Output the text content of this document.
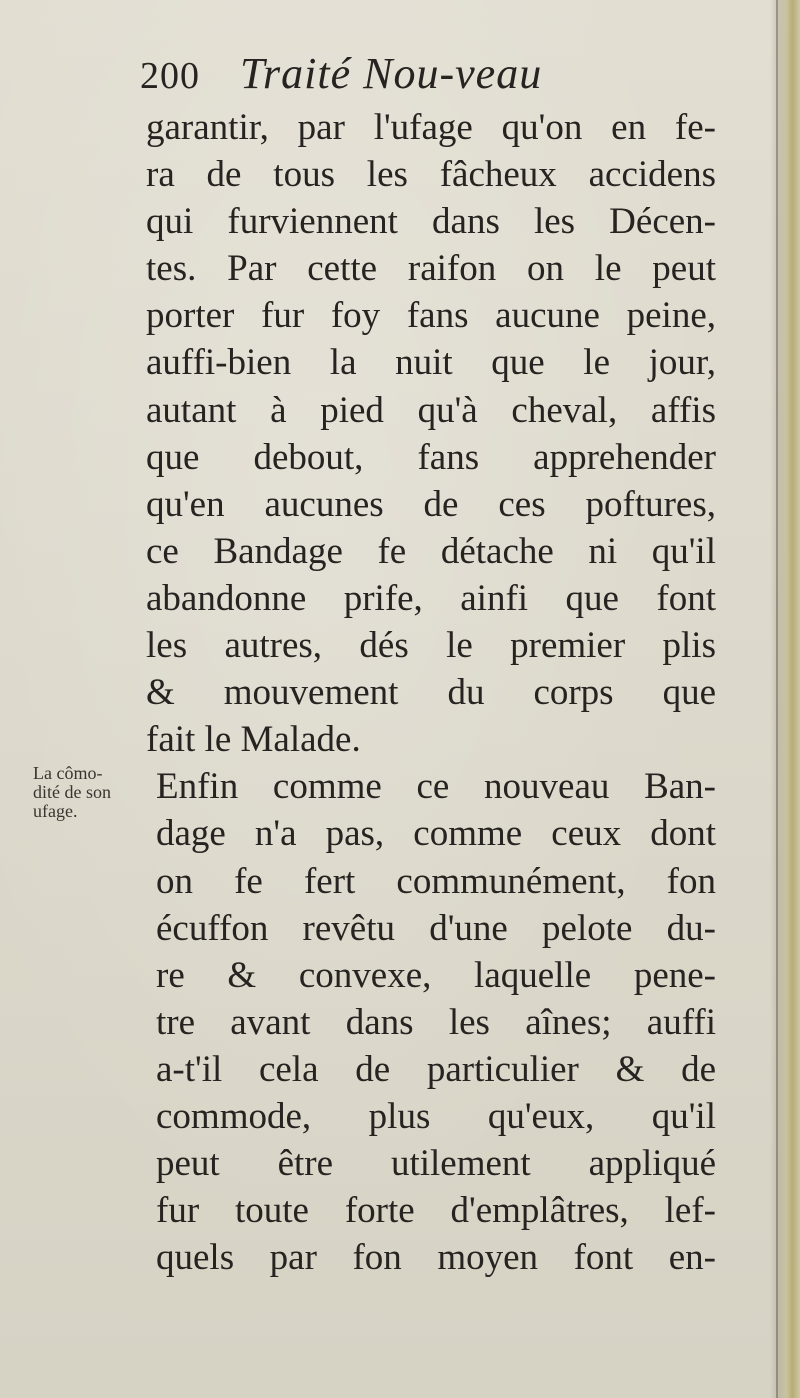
200 Traité Nou-veau
La cômo-
dité de son
ufage.
garantir, par l'ufage qu'on en fe-
ra de tous les fâcheux accidens
qui furviennent dans les Décen-
tes. Par cette raifon on le peut
porter fur foy fans aucune peine,
auffi-bien la nuit que le jour,
autant à pied qu'à cheval, affis
que debout, fans apprehender
qu'en aucunes de ces poftures,
ce Bandage fe détache ni qu'il
abandonne prife, ainfi que font
les autres, dés le premier plis
& mouvement du corps que
fait le Malade.
Enfin comme ce nouveau Ban-
dage n'a pas, comme ceux dont
on fe fert communément, fon
écuffon revêtu d'une pelote du-
re & convexe, laquelle pene-
tre avant dans les aînes; auffi
a-t'il cela de particulier & de
commode, plus qu'eux, qu'il
peut être utilement appliqué
fur toute forte d'emplâtres, lef-
quels par fon moyen font en-
